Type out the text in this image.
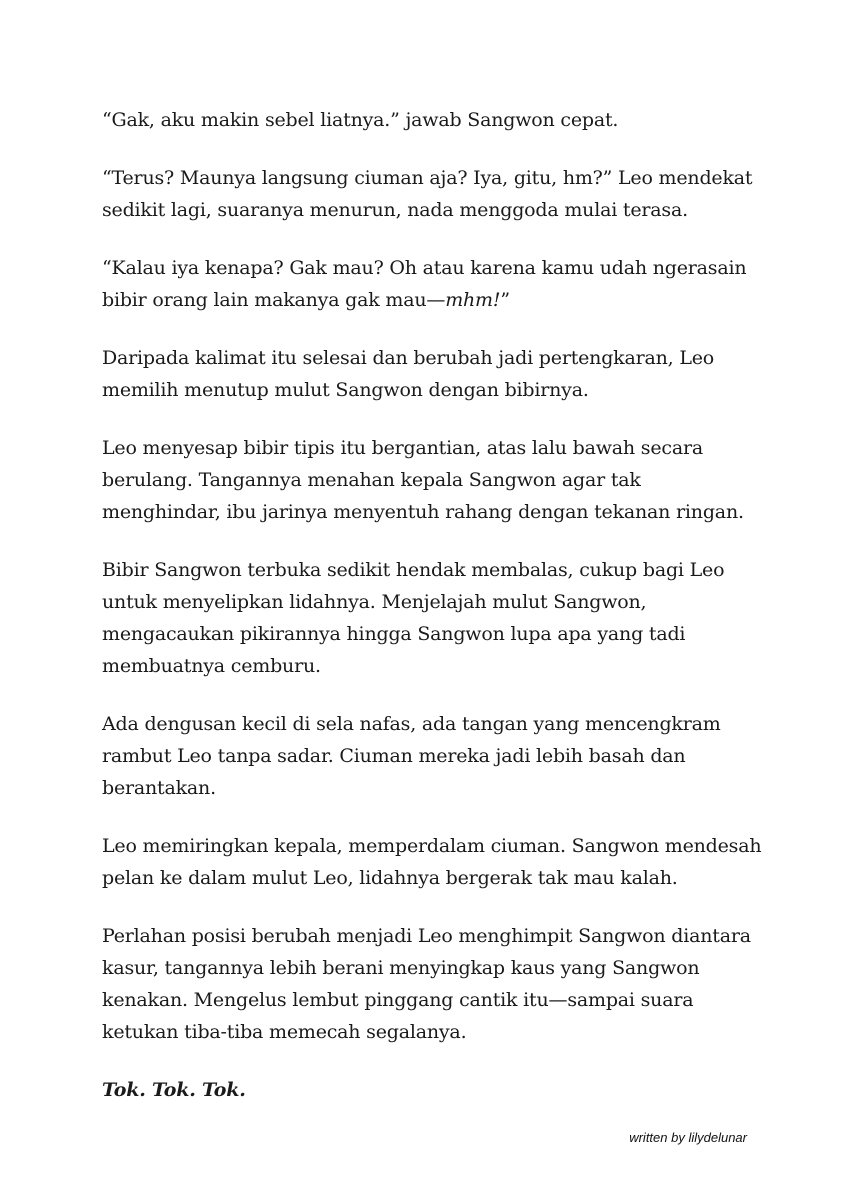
“Gak, aku makin sebel liatnya.” jawab Sangwon cepat.

“Terus? Maunya langsung ciuman aja? Iya, gitu, hm?” Leo mendekat sedikit lagi, suaranya menurun, nada menggoda mulai terasa.

“Kalau iya kenapa? Gak mau? Oh atau karena kamu udah ngerasain bibir orang lain makanya gak mau—mhm!”

Daripada kalimat itu selesai dan berubah jadi pertengkaran, Leo memilih menutup mulut Sangwon dengan bibirnya.

Leo menyesap bibir tipis itu bergantian, atas lalu bawah secara berulang. Tangannya menahan kepala Sangwon agar tak menghindar, ibu jarinya menyentuh rahang dengan tekanan ringan.

Bibir Sangwon terbuka sedikit hendak membalas, cukup bagi Leo untuk menyelipkan lidahnya. Menjelajah mulut Sangwon, mengacaukan pikirannya hingga Sangwon lupa apa yang tadi membuatnya cemburu.

Ada dengusan kecil di sela nafas, ada tangan yang mencengkram rambut Leo tanpa sadar. Ciuman mereka jadi lebih basah dan berantakan.

Leo memiringkan kepala, memperdalam ciuman. Sangwon mendesah pelan ke dalam mulut Leo, lidahnya bergerak tak mau kalah.

Perlahan posisi berubah menjadi Leo menghimpit Sangwon diantara kasur, tangannya lebih berani menyingkap kaus yang Sangwon kenakan. Mengelus lembut pinggang cantik itu—sampai suara ketukan tiba-tiba memecah segalanya.

Tok. Tok. Tok.

written by lilydelunar
